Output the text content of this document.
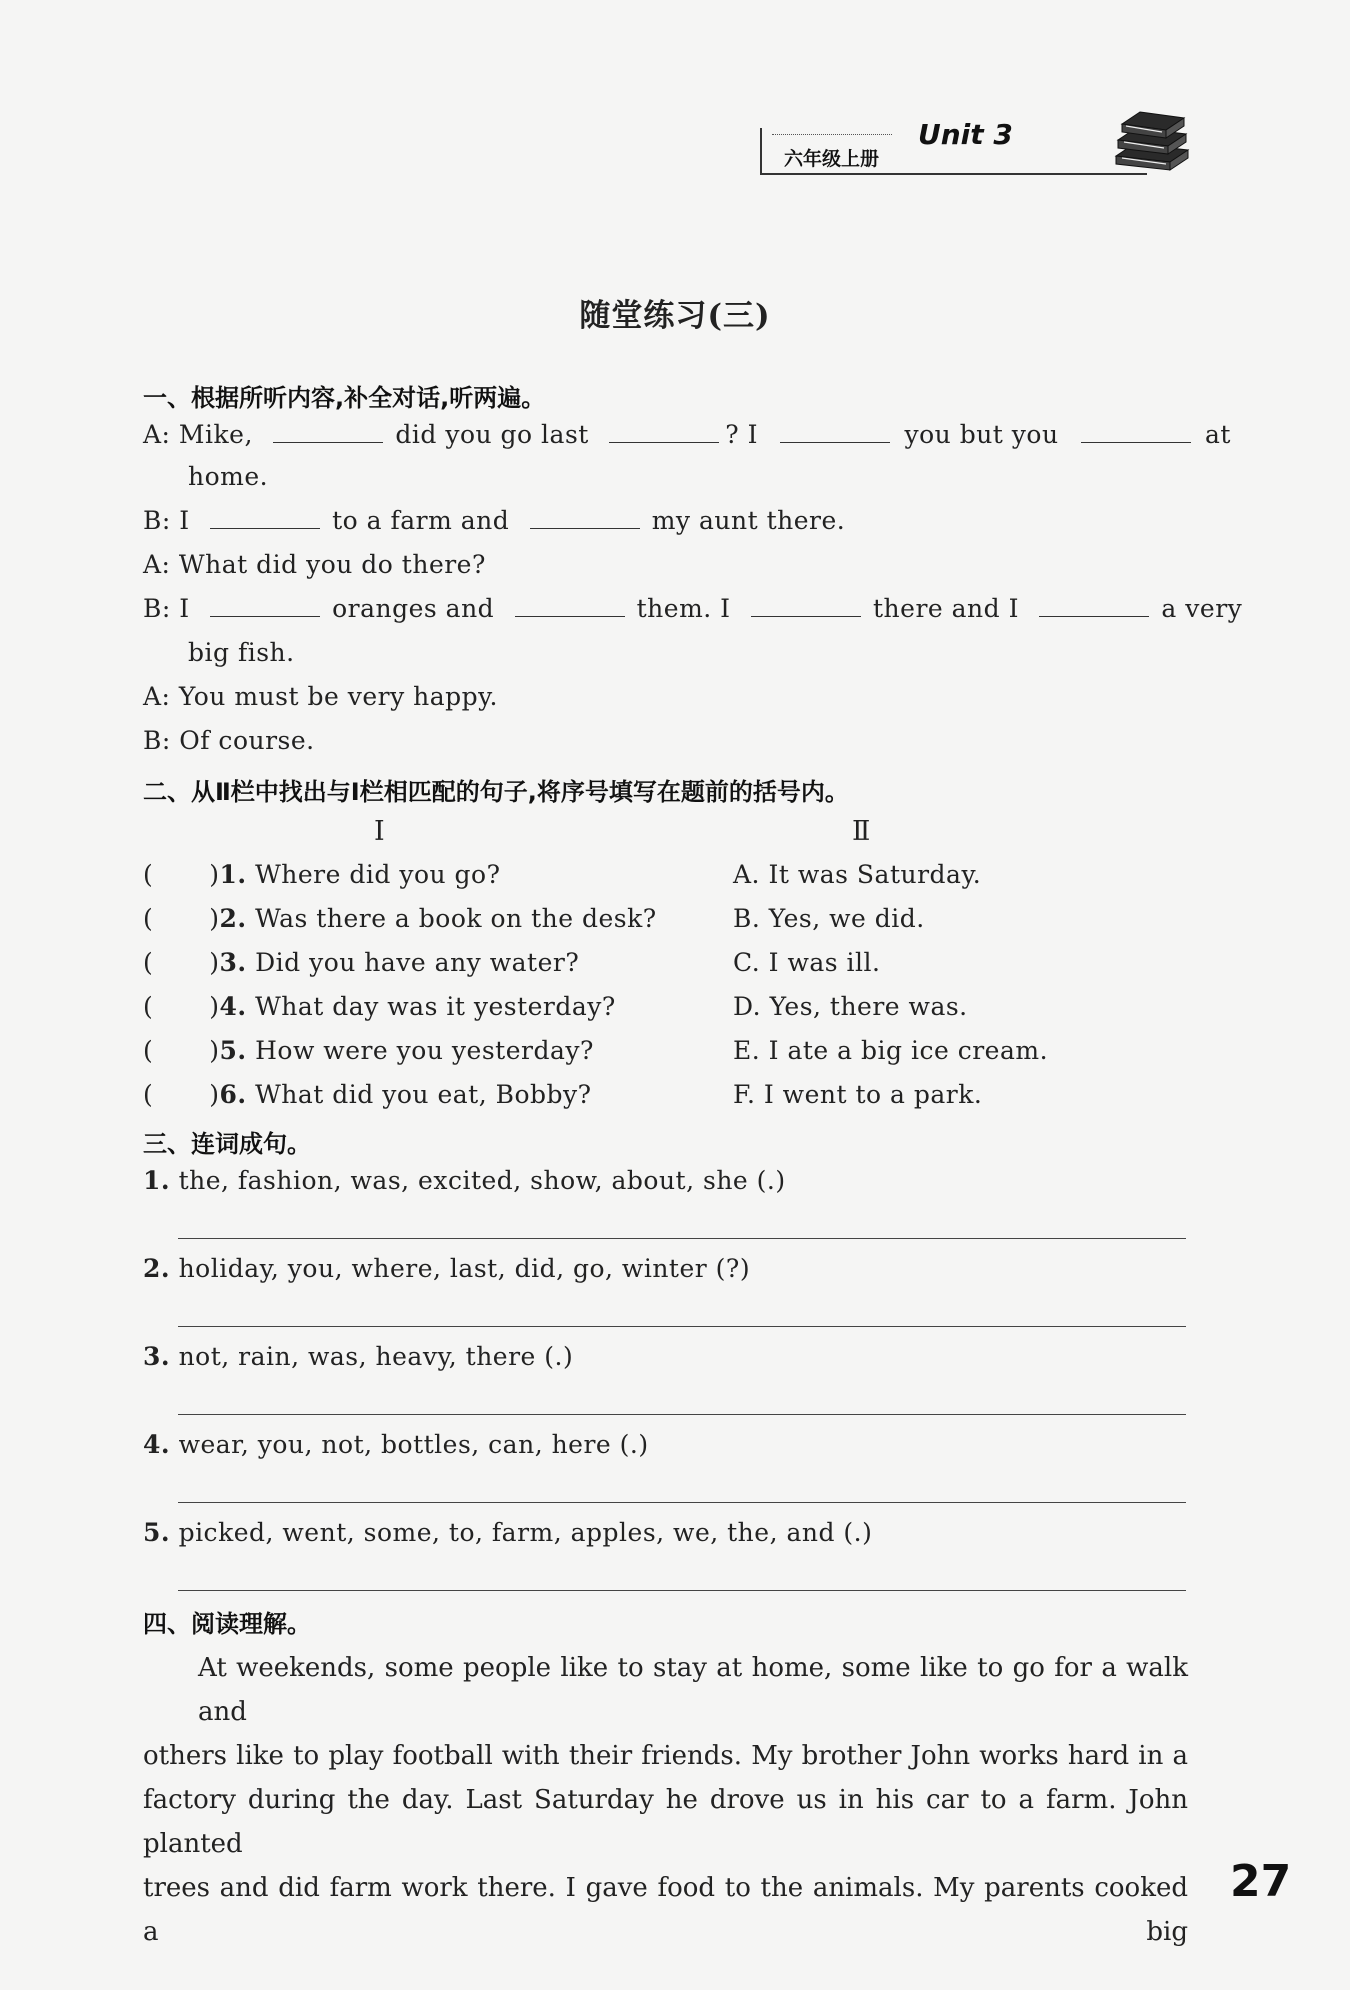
六年级上册
Unit 3
随堂练习(三)
一、根据所听内容,补全对话,听两遍。
A: Mike,	did you go last	? I	you but you	at
home.
B: I	to a farm and	my aunt there.
A: What did you do there?
B: I	oranges and	them. I	there and I	a very
big fish.
A: You must be very happy.
B: Of course.
二、从Ⅱ栏中找出与Ⅰ栏相匹配的句子,将序号填写在题前的括号内。
Ⅰ	Ⅱ
( )1. Where did you go?	A. It was Saturday.
( )2. Was there a book on the desk?	B. Yes, we did.
( )3. Did you have any water?	C. I was ill.
( )4. What day was it yesterday?	D. Yes, there was.
( )5. How were you yesterday?	E. I ate a big ice cream.
( )6. What did you eat, Bobby?	F. I went to a park.
三、连词成句。
1. the, fashion, was, excited, show, about, she (.)
2. holiday, you, where, last, did, go, winter (?)
3. not, rain, was, heavy, there (.)
4. wear, you, not, bottles, can, here (.)
5. picked, went, some, to, farm, apples, we, the, and (.)
四、阅读理解。
At weekends, some people like to stay at home, some like to go for a walk and
others like to play football with their friends. My brother John works hard in a
factory during the day. Last Saturday he drove us in his car to a farm. John planted
trees and did farm work there. I gave food to the animals. My parents cooked a big
27
